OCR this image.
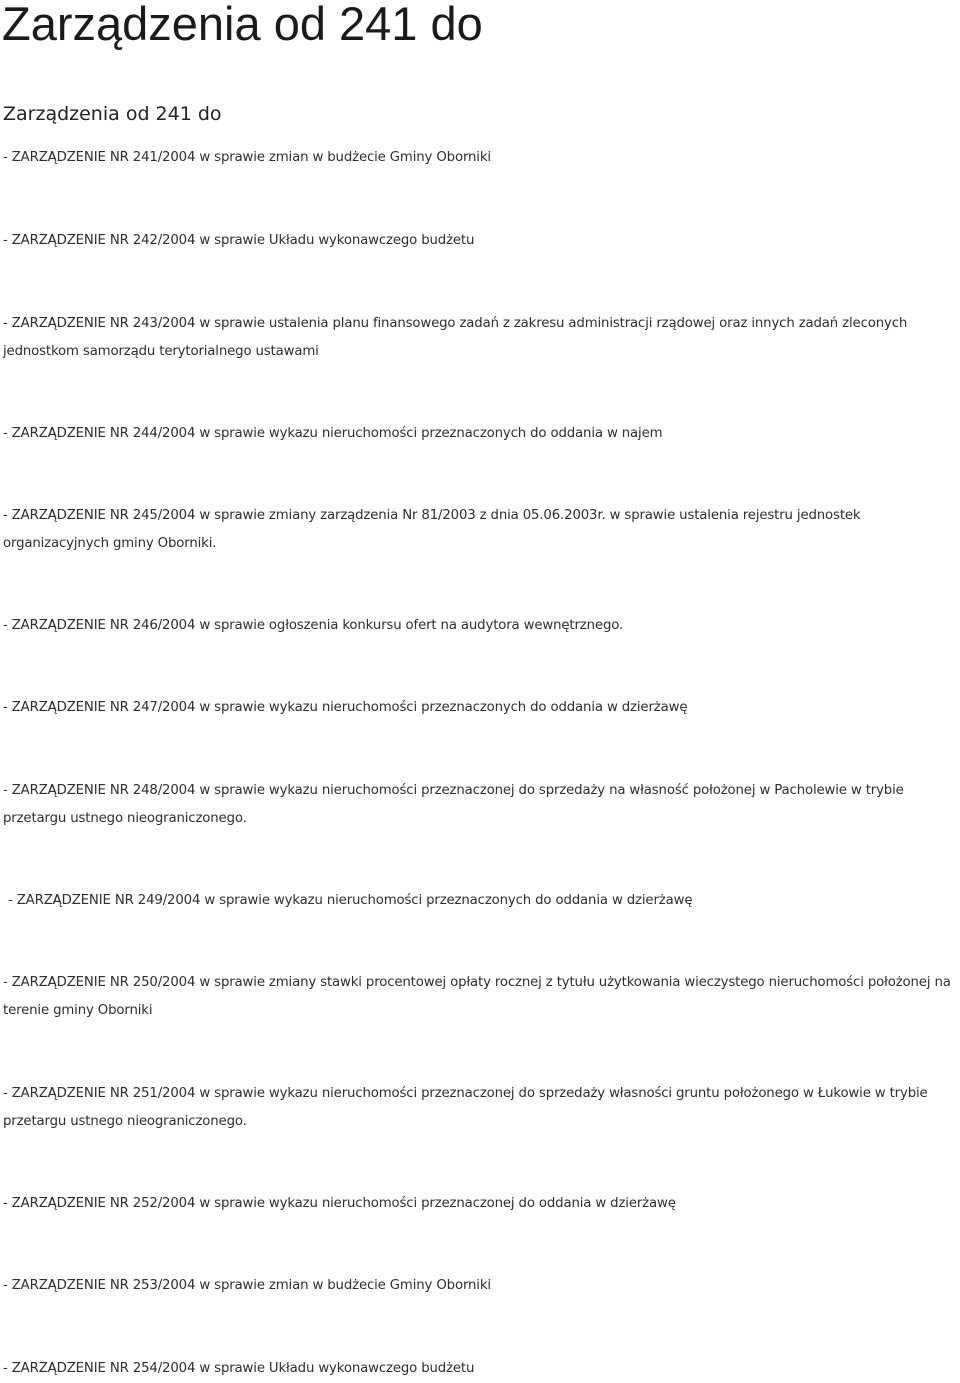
Zarządzenia od 241 do
Zarządzenia od 241 do

- ZARZĄDZENIE NR 241/2004 w sprawie zmian w budżecie Gminy Oborniki

- ZARZĄDZENIE NR 242/2004 w sprawie Układu wykonawczego budżetu

- ZARZĄDZENIE NR 243/2004 w sprawie ustalenia planu finansowego zadań z zakresu administracji rządowej oraz innych zadań zleconych jednostkom samorządu terytorialnego ustawami

- ZARZĄDZENIE NR 244/2004 w sprawie wykazu nieruchomości przeznaczonych do oddania w najem

- ZARZĄDZENIE NR 245/2004 w sprawie zmiany zarządzenia Nr 81/2003 z dnia 05.06.2003r. w sprawie ustalenia rejestru jednostek organizacyjnych gminy Oborniki.

- ZARZĄDZENIE NR 246/2004 w sprawie ogłoszenia konkursu ofert na audytora wewnętrznego.

- ZARZĄDZENIE NR 247/2004 w sprawie wykazu nieruchomości przeznaczonych do oddania w dzierżawę

- ZARZĄDZENIE NR 248/2004 w sprawie wykazu nieruchomości przeznaczonej do sprzedaży na własność położonej w Pacholewie w trybie przetargu ustnego nieograniczonego.

- ZARZĄDZENIE NR 249/2004 w sprawie wykazu nieruchomości przeznaczonych do oddania w dzierżawę

- ZARZĄDZENIE NR 250/2004 w sprawie zmiany stawki procentowej opłaty rocznej z tytułu użytkowania wieczystego nieruchomości położonej na terenie gminy Oborniki

- ZARZĄDZENIE NR 251/2004 w sprawie wykazu nieruchomości przeznaczonej do sprzedaży własności gruntu położonego w Łukowie w trybie przetargu ustnego nieograniczonego.

- ZARZĄDZENIE NR 252/2004 w sprawie wykazu nieruchomości przeznaczonej do oddania w dzierżawę

- ZARZĄDZENIE NR 253/2004 w sprawie zmian w budżecie Gminy Oborniki

- ZARZĄDZENIE NR 254/2004 w sprawie Układu wykonawczego budżetu
